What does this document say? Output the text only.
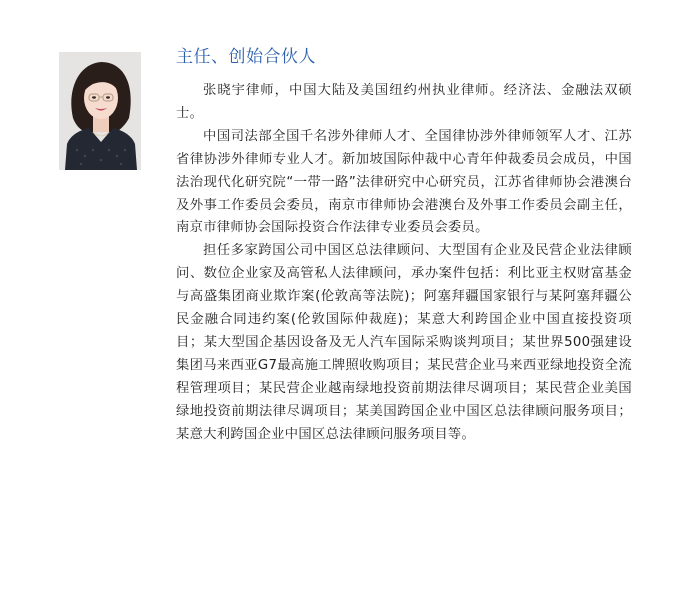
主任、创始合伙人

张晓宇律师，中国大陆及美国纽约州执业律师。经济法、金融法双硕士。

中国司法部全国千名涉外律师人才、全国律协涉外律师领军人才、江苏省律协涉外律师专业人才。新加坡国际仲裁中心青年仲裁委员会成员，中国法治现代化研究院“一带一路”法律研究中心研究员，江苏省律师协会港澳台及外事工作委员会委员，南京市律师协会港澳台及外事工作委员会副主任，南京市律师协会国际投资合作法律专业委员会委员。

担任多家跨国公司中国区总法律顾问、大型国有企业及民营企业法律顾问、数位企业家及高管私人法律顾问，承办案件包括：利比亚主权财富基金与高盛集团商业欺诈案(伦敦高等法院)；阿塞拜疆国家银行与某阿塞拜疆公民金融合同违约案(伦敦国际仲裁庭)；某意大利跨国企业中国直接投资项目；某大型国企基因设备及无人汽车国际采购谈判项目；某世界500强建设集团马来西亚G7最高施工牌照收购项目；某民营企业马来西亚绿地投资全流程管理项目；某民营企业越南绿地投资前期法律尽调项目；某民营企业美国绿地投资前期法律尽调项目；某美国跨国企业中国区总法律顾问服务项目；某意大利跨国企业中国区总法律顾问服务项目等。
